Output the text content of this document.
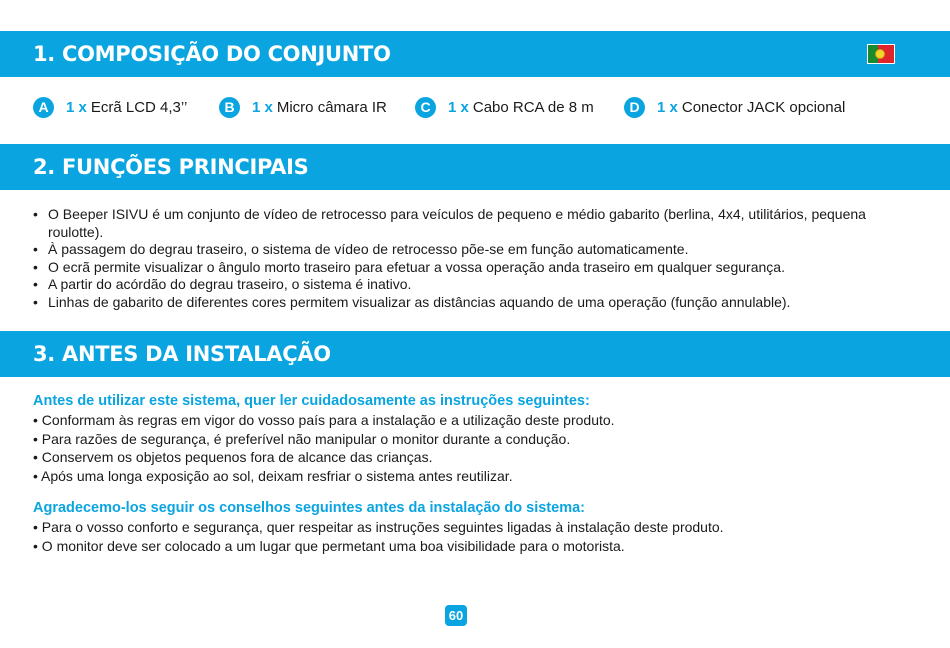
1. COMPOSIÇÃO DO CONJUNTO
A	1 x Ecrã LCD 4,3’’	B	1 x Micro câmara IR	C	1 x Cabo RCA de 8 m	D	1 x Conector JACK opcional
2. FUNÇÕES PRINCIPAIS
• O Beeper ISIVU é um conjunto de vídeo de retrocesso para veículos de pequeno e médio gabarito (berlina, 4x4, utilitários, pequena roulotte).
• À passagem do degrau traseiro, o sistema de vídeo de retrocesso põe-se em função automaticamente.
• O ecrã permite visualizar o ângulo morto traseiro para efetuar a vossa operação anda traseiro em qualquer segurança.
• A partir do acórdão do degrau traseiro, o sistema é inativo.
• Linhas de gabarito de diferentes cores permitem visualizar as distâncias aquando de uma operação (função annulable).
3. ANTES DA INSTALAÇÃO

Antes de utilizar este sistema, quer ler cuidadosamente as instruções seguintes:

• Conformam às regras em vigor do vosso país para a instalação e a utilização deste produto.
• Para razões de segurança, é preferível não manipular o monitor durante a condução.
• Conservem os objetos pequenos fora de alcance das crianças.
• Após uma longa exposição ao sol, deixam resfriar o sistema antes reutilizar.

Agradecemo-los seguir os conselhos seguintes antes da instalação do sistema:

• Para o vosso conforto e segurança, quer respeitar as instruções seguintes ligadas à instalação deste produto.
• O monitor deve ser colocado a um lugar que permetant uma boa visibilidade para o motorista.
60
